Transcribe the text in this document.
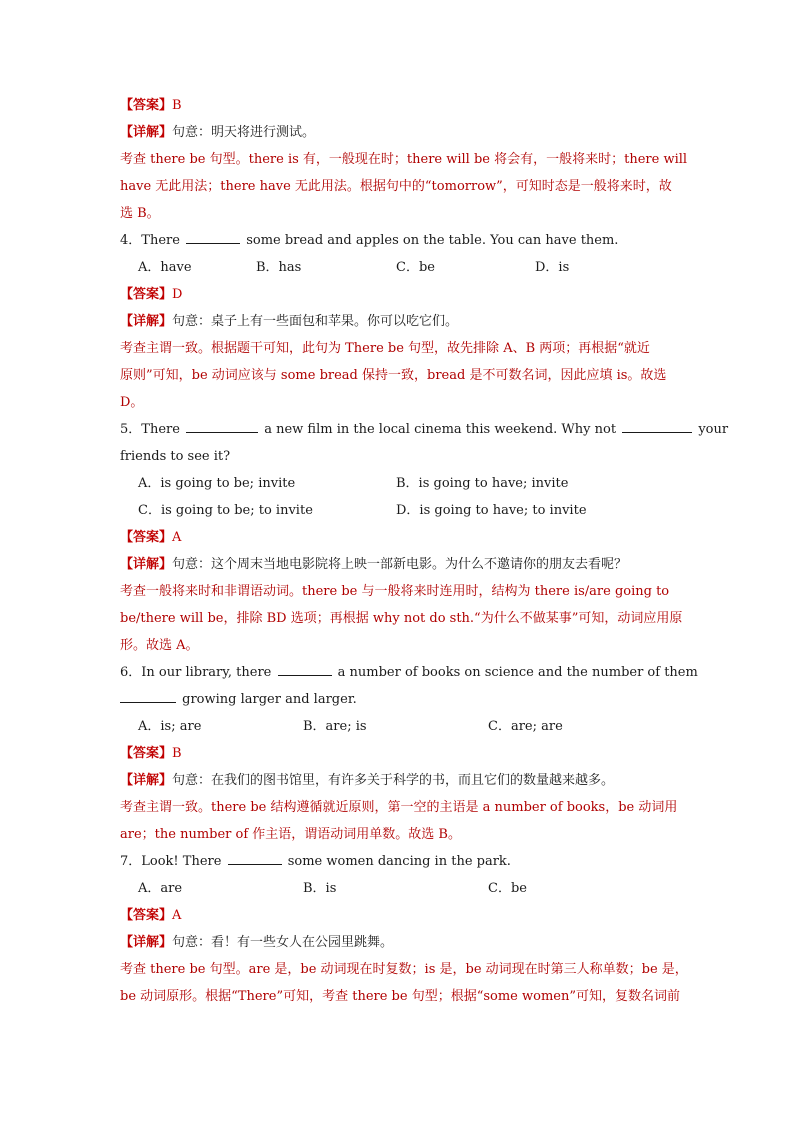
【答案】B
【详解】句意：明天将进行测试。
考查 there be 句型。there is 有，一般现在时；there will be 将会有，一般将来时；there will
have 无此用法；there have 无此用法。根据句中的“tomorrow”，可知时态是一般将来时，故
选 B。
4．There	some bread and apples on the table. You can have them.
A．have	B．has	C．be	D．is
【答案】D
【详解】句意：桌子上有一些面包和苹果。你可以吃它们。
考查主谓一致。根据题干可知，此句为 There be 句型，故先排除 A、B 两项；再根据“就近
原则”可知，be 动词应该与 some bread 保持一致，bread 是不可数名词，因此应填 is。故选
D。
5．There	a new film in the local cinema this weekend. Why not	your
friends to see it?
A．is going to be; invite	B．is going to have; invite
C．is going to be; to invite	D．is going to have; to invite
【答案】A
【详解】句意：这个周末当地电影院将上映一部新电影。为什么不邀请你的朋友去看呢？
考查一般将来时和非谓语动词。there be 与一般将来时连用时，结构为 there is/are going to
be/there will be，排除 BD 选项；再根据 why not do sth.“为什么不做某事”可知，动词应用原
形。故选 A。
6．In our library, there	a number of books on science and the number of them
growing larger and larger.
A．is; are	B．are; is	C．are; are
【答案】B
【详解】句意：在我们的图书馆里，有许多关于科学的书，而且它们的数量越来越多。
考查主谓一致。there be 结构遵循就近原则，第一空的主语是 a number of books，be 动词用
are；the number of 作主语，谓语动词用单数。故选 B。
7．Look! There	some women dancing in the park.
A．are	B．is	C．be
【答案】A
【详解】句意：看！有一些女人在公园里跳舞。
考查 there be 句型。are 是，be 动词现在时复数；is 是，be 动词现在时第三人称单数；be 是，
be 动词原形。根据“There”可知，考查 there be 句型；根据“some women”可知，复数名词前
